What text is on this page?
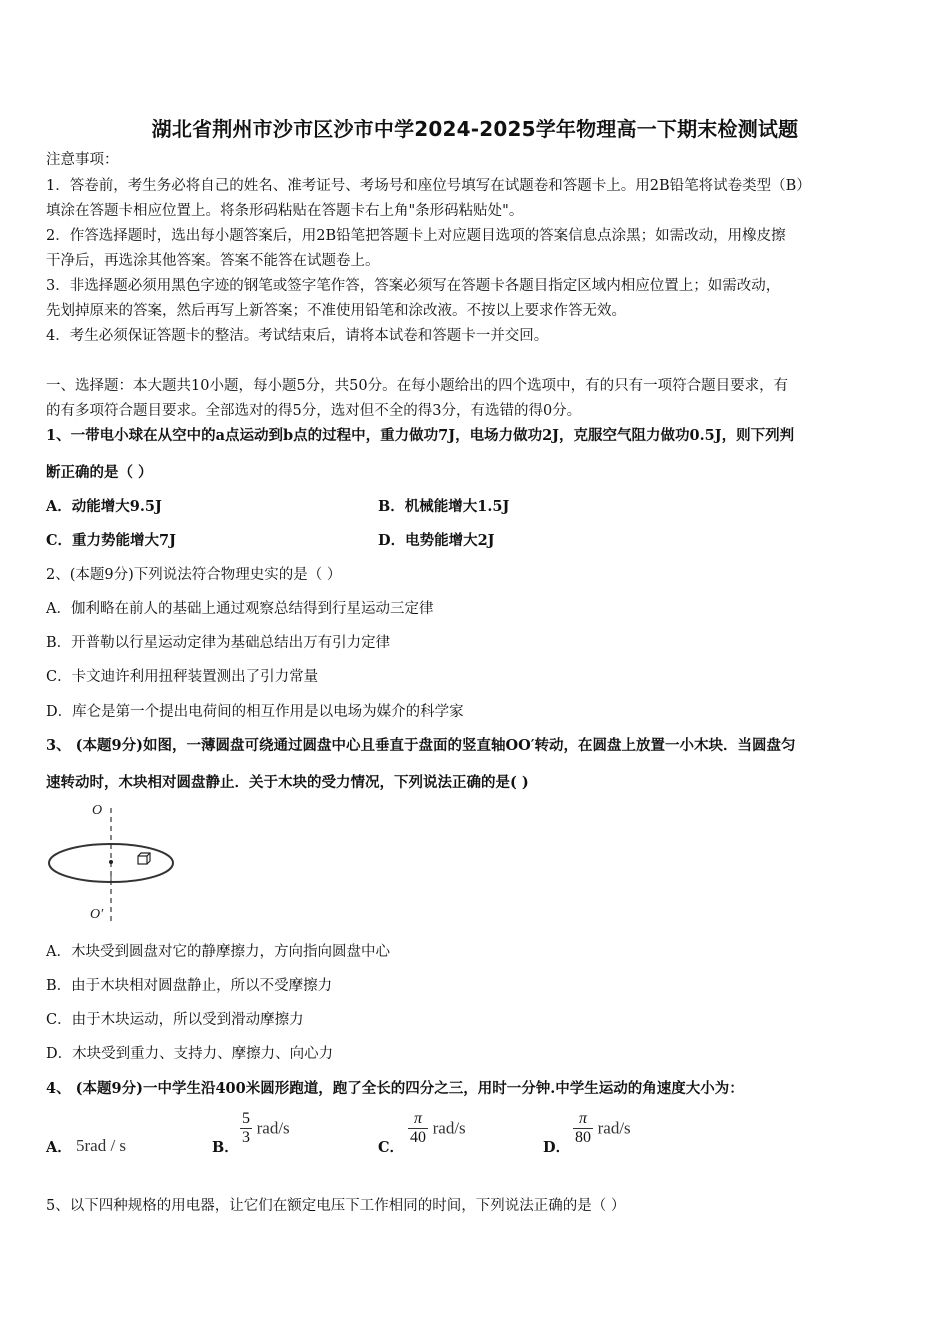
湖北省荆州市沙市区沙市中学2024-2025学年物理高一下期末检测试题
注意事项：
1．答卷前，考生务必将自己的姓名、准考证号、考场号和座位号填写在试题卷和答题卡上。用2B铅笔将试卷类型（B）
填涂在答题卡相应位置上。将条形码粘贴在答题卡右上角"条形码粘贴处"。
2．作答选择题时，选出每小题答案后，用2B铅笔把答题卡上对应题目选项的答案信息点涂黑；如需改动，用橡皮擦
干净后，再选涂其他答案。答案不能答在试题卷上。
3．非选择题必须用黑色字迹的钢笔或签字笔作答，答案必须写在答题卡各题目指定区域内相应位置上；如需改动，
先划掉原来的答案，然后再写上新答案；不准使用铅笔和涂改液。不按以上要求作答无效。
4．考生必须保证答题卡的整洁。考试结束后，请将本试卷和答题卡一并交回。
一、选择题：本大题共10小题，每小题5分，共50分。在每小题给出的四个选项中，有的只有一项符合题目要求，有
的有多项符合题目要求。全部选对的得5分，选对但不全的得3分，有选错的得0分。
1、一带电小球在从空中的a点运动到b点的过程中，重力做功7J，电场力做功2J，克服空气阻力做功0.5J，则下列判
断正确的是（ ）
A．动能增大9.5J	B．机械能增大1.5J
C．重力势能增大7J	D．电势能增大2J
2、(本题9分)下列说法符合物理史实的是（ ）
A．伽利略在前人的基础上通过观察总结得到行星运动三定律
B．开普勒以行星运动定律为基础总结出万有引力定律
C．卡文迪许利用扭秤装置测出了引力常量
D．库仑是第一个提出电荷间的相互作用是以电场为媒介的科学家
3、 (本题9分)如图，一薄圆盘可绕通过圆盘中心且垂直于盘面的竖直轴OO′转动，在圆盘上放置一小木块．当圆盘匀
速转动时，木块相对圆盘静止．关于木块的受力情况，下列说法正确的是( )
O
O′
A．木块受到圆盘对它的静摩擦力，方向指向圆盘中心
B．由于木块相对圆盘静止，所以不受摩擦力
C．由于木块运动，所以受到滑动摩擦力
D．木块受到重力、支持力、摩擦力、向心力
4、 (本题9分)一中学生沿400米圆形跑道，跑了全长的四分之三，用时一分钟.中学生运动的角速度大小为：
A． 5rad / s	B．
$\frac{5}{3} rad/s$
C．
$\frac{\pi}{40} rad/s$
D．
$\frac{\pi}{80} rad/s$
5、以下四种规格的用电器，让它们在额定电压下工作相同的时间，下列说法正确的是（ ）
